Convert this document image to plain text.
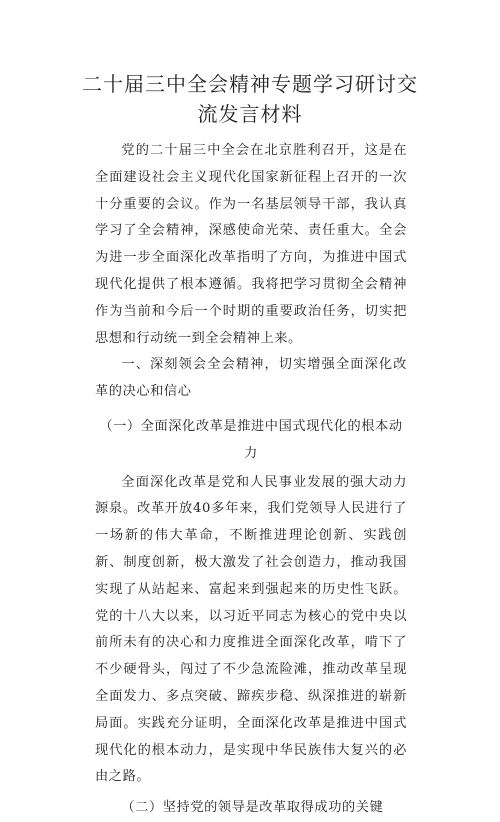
二十届三中全会精神专题学习研讨交流发言材料

党的二十届三中全会在北京胜利召开，这是在全面建设社会主义现代化国家新征程上召开的一次十分重要的会议。作为一名基层领导干部，我认真学习了全会精神，深感使命光荣、责任重大。全会为进一步全面深化改革指明了方向，为推进中国式现代化提供了根本遵循。我将把学习贯彻全会精神作为当前和今后一个时期的重要政治任务，切实把思想和行动统一到全会精神上来。

一、深刻领会全会精神，切实增强全面深化改革的决心和信心

（一）全面深化改革是推进中国式现代化的根本动力

全面深化改革是党和人民事业发展的强大动力源泉。改革开放40多年来，我们党领导人民进行了一场新的伟大革命，不断推进理论创新、实践创新、制度创新，极大激发了社会创造力，推动我国实现了从站起来、富起来到强起来的历史性飞跃。党的十八大以来，以习近平同志为核心的党中央以前所未有的决心和力度推进全面深化改革，啃下了不少硬骨头，闯过了不少急流险滩，推动改革呈现全面发力、多点突破、蹄疾步稳、纵深推进的崭新局面。实践充分证明，全面深化改革是推进中国式现代化的根本动力，是实现中华民族伟大复兴的必由之路。

（二）坚持党的领导是改革取得成功的关键
